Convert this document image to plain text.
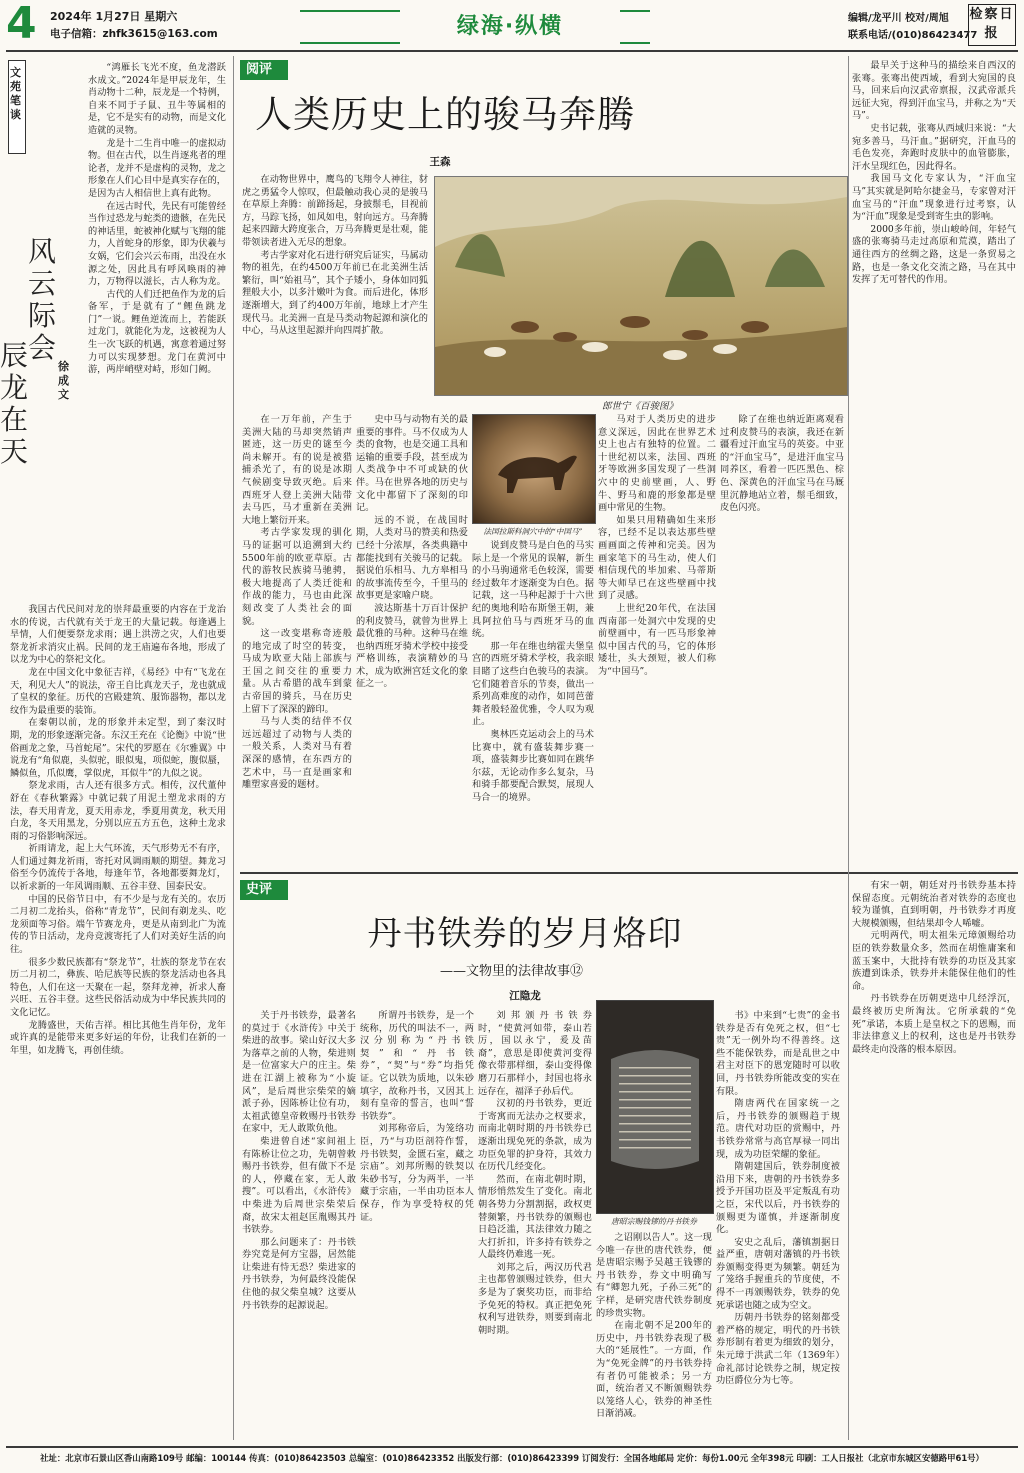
4 2024年 1月27日 星期六
电子信箱：zhfk3615@163.com	绿海·纵横	编辑/龙平川 校对/周旭
联系电话/(010)86423477
检察日报
文苑笔谈
风云际会
辰龙在天
徐成文

“鸿雁长飞光不度，鱼龙潜跃水成文。”2024年是甲辰龙年，生肖动物十二种，辰龙是一个特例，自来不同于子鼠、丑牛等属相的是，它不是实有的动物，而是文化造就的灵物。

龙是十二生肖中唯一的虚拟动物。但在古代，以生肖逐兆者的理论者，龙并不是虚构的灵物，龙之形象在人们心目中是真实存在的，是因为古人相信世上真有此物。

在远古时代，先民有可能曾经当作过恐龙与蛇类的遗骸，在先民的神话里，蛇被神化赋与飞翔的能力，人首蛇身的形象，即为伏羲与女娲，它们会兴云布雨，出没在水源之处，因此具有呼风唤雨的神力，万物得以滋长，古人称为龙。

古代的人们迁把鱼作为龙的后备军，于是就有了“鲤鱼跳龙门”一说。鲤鱼逆流而上，若能跃过龙门，就能化为龙，这被视为人生一次飞跃的机遇，寓意着通过努力可以实现梦想。龙门在黄河中游，两岸峭壁对峙，形如门阙。

我国古代民间对龙的崇拜最重要的内容在于龙治水的传说，古代就有关于龙王的大量记载。每逢遇上旱情，人们便要祭龙求雨；遇上洪涝之灾，人们也要祭龙祈求消灾止祸。民间的龙王庙遍布各地，形成了以龙为中心的祭祀文化。

龙在中国文化中象征吉祥，《易经》中有“飞龙在天，利见大人”的说法，帝王自比真龙天子，龙也就成了皇权的象征。历代的宫殿建筑、服饰器物，都以龙纹作为最重要的装饰。

在秦朝以前，龙的形象并未定型，到了秦汉时期，龙的形象逐渐完备。东汉王充在《论衡》中说“世俗画龙之象，马首蛇尾”。宋代的罗愿在《尔雅翼》中说龙有“角似鹿，头似驼，眼似鬼，项似蛇，腹似蜃，鳞似鱼，爪似鹰，掌似虎，耳似牛”的九似之说。

祭龙求雨，古人还有很多方式。相传，汉代董仲舒在《春秋繁露》中就记载了用泥土塑龙求雨的方法，春天用青龙，夏天用赤龙，季夏用黄龙，秋天用白龙，冬天用黑龙，分别以应五方五色，这种土龙求雨的习俗影响深远。

祈雨请龙，起上大气环流，天气形势无不有序，人们通过舞龙祈雨，寄托对风调雨顺的期望。舞龙习俗至今仍流传于各地，每逢年节，各地都要舞龙灯，以祈求新的一年风调雨顺、五谷丰登、国泰民安。

中国的民俗节日中，有不少是与龙有关的。农历二月初二龙抬头，俗称“青龙节”，民间有剃龙头、吃龙须面等习俗。端午节赛龙舟，更是从南到北广为流传的节日活动，龙舟竞渡寄托了人们对美好生活的向往。

很多少数民族都有“祭龙节”，壮族的祭龙节在农历二月初二，彝族、哈尼族等民族的祭龙活动也各具特色，人们在这一天聚在一起，祭拜龙神，祈求人畜兴旺、五谷丰登。这些民俗活动成为中华民族共同的文化记忆。

龙腾盛世，天佑吉祥。相比其他生肖年份，龙年或许真的是能带来更多好运的年份，让我们在新的一年里，如龙腾飞，再创佳绩。

阅评
人类历史上的骏马奔腾
王森

在动物世界中，鹰鸟的飞翔令人神往，豺虎之勇猛令人惊叹，但最触动我心灵的是骏马在草原上奔腾：前蹄扬起，身披鬃毛，目视前方，马踪飞扬，如风如电，射向远方。马奔腾起来四蹄大跨度张合，万马奔腾更是壮观，能带领读者进入无尽的想象。

考古学家对化石进行研究后证实，马属动物的祖先，在约4500万年前已在北美洲生活繁衍，叫“始祖马”，其个子矮小，身体如同狐狸般大小，以多汁嫩叶为食。而后进化，体形逐渐增大，到了约400万年前，地球上才产生现代马。北美洲一直是马类动物起源和演化的中心，马从这里起源并向四周扩散。

郎世宁《百骏图》

在一万年前，产生于美洲大陆的马却突然销声匿迹，这一历史的谜至今尚未解开。有的说是被猎捕杀光了，有的说是冰期气候剧变导致灭绝。后来西班牙人登上美洲大陆带去马匹，马才重新在美洲大地上繁衍开来。

考古学家发现的驯化马的证据可以追溯到大约5500年前的欧亚草原。古代的游牧民族骑马驰骋，极大地提高了人类迁徙和作战的能力，马也由此深刻改变了人类社会的面貌。

这一改变堪称奇迹般的地完成了时空的转变，马成为欧亚大陆上部族与王国之间交往的重要力量。从古希腊的战车到蒙古帝国的骑兵，马在历史上留下了深深的蹄印。

马与人类的结伴不仅远远超过了动物与人类的一般关系，人类对马有着深深的感情，在东西方的艺术中，马一直是画家和雕塑家喜爱的题材。

史中马与动物有关的最重要的事件。马不仅成为人类的食物，也是交通工具和运输的重要手段，甚至成为人类战争中不可或缺的伙伴。马在世界各地的历史与文化中都留下了深刻的印记。

远的不说，在战国时期，人类对马的赞美和热爱已经十分浓厚，各类典籍中都能找到有关骏马的记载。据说伯乐相马、九方皋相马的故事流传至今，千里马的故事更是家喻户晓。

波达斯基十万百计保护的利皮赞马，就曾为世界上最优雅的马种。这种马在维也纳西班牙骑术学校中接受严格训练，表演精妙的马术，成为欧洲宫廷文化的象征之一。

法国拉斯科洞穴中的“中国马”

说到皮赞马是白色的马实际上是一个常见的误解，新生的小马驹通常毛色较深，需要经过数年才逐渐变为白色。据记载，这一马种起源于十六世纪的奥地利哈布斯堡王朝，兼具阿拉伯马与西班牙马的血统。

那一年在维也纳霍夫堡皇宫的西班牙骑术学校，我亲眼目睹了这些白色骏马的表演。它们随着音乐的节奏，做出一系列高难度的动作，如同芭蕾舞者般轻盈优雅，令人叹为观止。

奥林匹克运动会上的马术比赛中，就有盛装舞步赛一项，盛装舞步比赛如同在跳华尔兹，无论动作多么复杂，马和骑手都要配合默契，展现人马合一的境界。

马对于人类历史的进步意义深远，因此在世界艺术史上也占有独特的位置。二十世纪初以来，法国、西班牙等欧洲多国发现了一些洞穴中的史前壁画，人、野牛、野马和鹿的形象都是壁画中常见的生物。

如果只用精确如生来形容，已经不足以表达那些壁画画面之传神和完美。因为画家笔下的马生动，使人们相信现代的毕加索、马蒂斯等大师早已在这些壁画中找到了灵感。

上世纪20年代，在法国西南部一处洞穴中发现的史前壁画中，有一匹马形象神似中国古代的马，它的体形矮壮，头大颈短，被人们称为“中国马”。

除了在维也纳近距离观看过利皮赞马的表演，我还在新疆看过汗血宝马的英姿。中亚的“汗血宝马”，是进汗血宝马同养区，看着一匹匹黑色、棕色、深黄色的汗血宝马在马厩里沉静地站立着，鬃毛细致，皮色闪亮。

最早关于这种马的描绘来自西汉的张骞。张骞出使西域，看到大宛国的良马，回来后向汉武帝禀报，汉武帝派兵远征大宛，得到汗血宝马，并称之为“天马”。

史书记载，张骞从西域归来说：“大宛多善马，马汗血。”据研究，汗血马的毛色发亮，奔跑时皮肤中的血管膨胀，汗水呈现红色，因此得名。

我国马文化专家认为，“汗血宝马”其实就是阿哈尔捷金马，专家曾对汗血宝马的“汗血”现象进行过考察，认为“汗血”现象是受到寄生虫的影响。

2000多年前，崇山峻岭间，年轻气盛的张骞骑马走过高原和荒漠，踏出了通往西方的丝绸之路，这是一条贸易之路，也是一条文化交流之路，马在其中发挥了无可替代的作用。

史评
丹书铁券的岁月烙印
——文物里的法律故事⑫
江隐龙

关于丹书铁券，最著名的莫过于《水浒传》中关于柴进的故事。梁山好汉大多为落草之前的人物，柴进则是一位富家大户的庄主。柴进在江湖上被称为“小旋风”，是后周世宗柴荣的嫡派子孙，因陈桥让位有功，太祖武德皇帝敕赐丹书铁券在家中，无人敢欺负他。

柴进曾自述“家间祖上有陈桥让位之功，先朝曾敕赐丹书铁券，但有做下不是的人，停藏在家，无人敢搜”。可以看出，《水浒传》中柴进为后周世宗柴荣后裔，故宋太祖赵匡胤赐其丹书铁券。

那么问题来了：丹书铁券究竟是何方宝器，居然能让柴进有恃无恐？柴进家的丹书铁券，为何最终没能保住他的叔父柴皇城？这要从丹书铁券的起源说起。

所谓丹书铁券，是一个统称，历代的叫法不一，两汉分别称为“丹书铁契”和“丹书铁券”，“契”与“券”均指凭证。它以铁为质地，以朱砂填字，故称丹书，又因其上刻有皇帝的誓言，也叫“誓书铁券”。

刘邦称帝后，为笼络功臣，乃“与功臣剖符作誓，丹书铁契，金匮石室，藏之宗庙”。刘邦所赐的铁契以朱砂书写，分为两半，一半藏于宗庙，一半由功臣本人保存，作为享受特权的凭证。

刘邦颁丹书铁券时，“使黄河如带，泰山若厉，国以永宁，爰及苗裔”，意思是即使黄河变得像衣带那样细，泰山变得像磨刀石那样小，封国也将永远存在，福泽子孙后代。

汉初的丹书铁券，更近于寄寓而无法办之权要求，而南北朝时期的丹书铁券已逐渐出现免死的条款，成为功臣免罪的护身符，其效力在历代几经变化。

然而，在南北朝时期，情形悄然发生了变化。南北朝各势力分割割据，政权更替频繁，丹书铁券的颁赐也日趋泛滥，其法律效力随之大打折扣，许多持有铁券之人最终仍难逃一死。

刘邦之后，两汉历代君主也都曾颁赐过铁券，但大多是为了褒奖功臣，而非给予免死的特权。真正把免死权利写进铁券，则要到南北朝时期。

唐昭宗赐钱镠的丹书铁券

之诏刚以告人”。这一现今唯一存世的唐代铁券，便是唐昭宗赐予吴越王钱镠的丹书铁券，券文中明确写有“卿恕九死，子孙三死”的字样，是研究唐代铁券制度的珍贵实物。

在南北朝不足200年的历史中，丹书铁券表现了极大的“延展性”。一方面，作为“免死金牌”的丹书铁券持有者仍可能被杀；另一方面，统治者又不断颁赐铁券以笼络人心，铁券的神圣性日渐消减。

书》中来到“七贵”的金书铁券是否有免死之权，但“七贵”无一例外均不得善终。这些不能保铁券，而是乱世之中君主对臣下的恩宠随时可以收回，丹书铁券所能改变的实在有限。

隋唐两代在国家统一之后，丹书铁券的颁赐趋于规范。唐代对功臣的赏赐中，丹书铁券常常与高官厚禄一同出现，成为功臣荣耀的象征。

隋朝建国后，铁券制度被沿用下来，唐朝的丹书铁券多授予开国功臣及平定叛乱有功之臣，宋代以后，丹书铁券的颁赐更为谨慎，并逐渐制度化。

安史之乱后，藩镇割据日益严重，唐朝对藩镇的丹书铁券颁赐变得更为频繁。朝廷为了笼络手握重兵的节度使，不得不一再颁赐铁券，铁券的免死承诺也随之成为空文。

历朝丹书铁券的铭刻都受着严格的规定，明代的丹书铁券形制有着更为细致的划分，朱元璋于洪武二年（1369年）命礼部讨论铁券之制，规定按功臣爵位分为七等。

有宋一朝，朝廷对丹书铁券基本持保留态度。元朝统治者对铁券的态度也较为谨慎，直到明朝，丹书铁券才再度大规模颁赐，但结果却令人唏嘘。

元明两代，明太祖朱元璋颁赐给功臣的铁券数量众多，然而在胡惟庸案和蓝玉案中，大批持有铁券的功臣及其家族遭到诛杀，铁券并未能保住他们的性命。

丹书铁券在历朝更迭中几经浮沉，最终被历史所淘汰。它所承载的“免死”承诺，本质上是皇权之下的恩赐，而非法律意义上的权利，这也是丹书铁券最终走向没落的根本原因。

社址：北京市石景山区香山南路109号 邮编：100144 传真：(010)86423503 总编室：(010)86423352 出版发行部：(010)86423399 订阅发行：全国各地邮局 定价：每份1.00元 全年398元 印刷：工人日报社（北京市东城区安德路甲61号）
